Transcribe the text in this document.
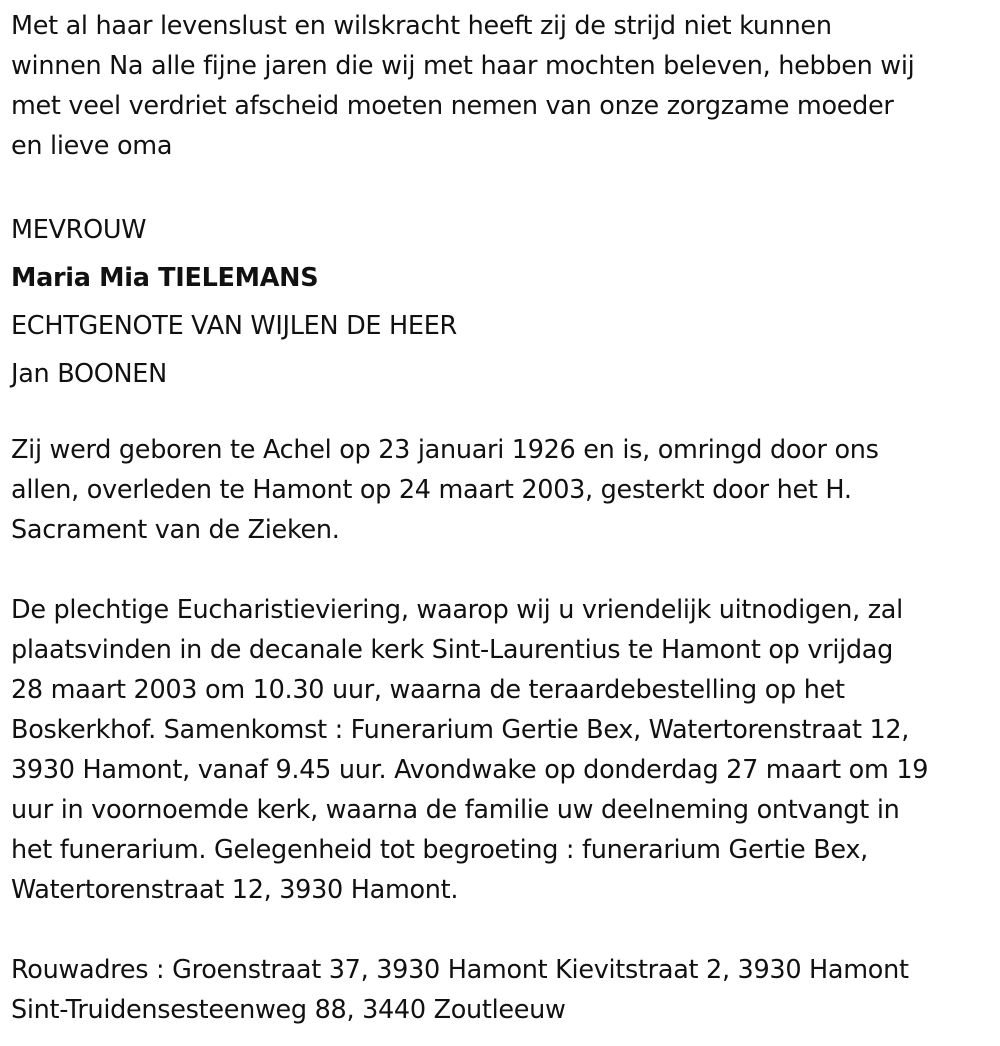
Met al haar levenslust en wilskracht heeft zij de strijd niet kunnen
winnen Na alle fijne jaren die wij met haar mochten beleven, hebben wij
met veel verdriet afscheid moeten nemen van onze zorgzame moeder
en lieve oma
MEVROUW
Maria Mia TIELEMANS
ECHTGENOTE VAN WIJLEN DE HEER
Jan BOONEN
Zij werd geboren te Achel op 23 januari 1926 en is, omringd door ons
allen, overleden te Hamont op 24 maart 2003, gesterkt door het H.
Sacrament van de Zieken.
De plechtige Eucharistieviering, waarop wij u vriendelijk uitnodigen, zal
plaatsvinden in de decanale kerk Sint-Laurentius te Hamont op vrijdag
28 maart 2003 om 10.30 uur, waarna de teraardebestelling op het
Boskerkhof. Samenkomst : Funerarium Gertie Bex, Watertorenstraat 12,
3930 Hamont, vanaf 9.45 uur. Avondwake op donderdag 27 maart om 19
uur in voornoemde kerk, waarna de familie uw deelneming ontvangt in
het funerarium. Gelegenheid tot begroeting : funerarium Gertie Bex,
Watertorenstraat 12, 3930 Hamont.
Rouwadres : Groenstraat 37, 3930 Hamont Kievitstraat 2, 3930 Hamont
Sint-Truidensesteenweg 88, 3440 Zoutleeuw
